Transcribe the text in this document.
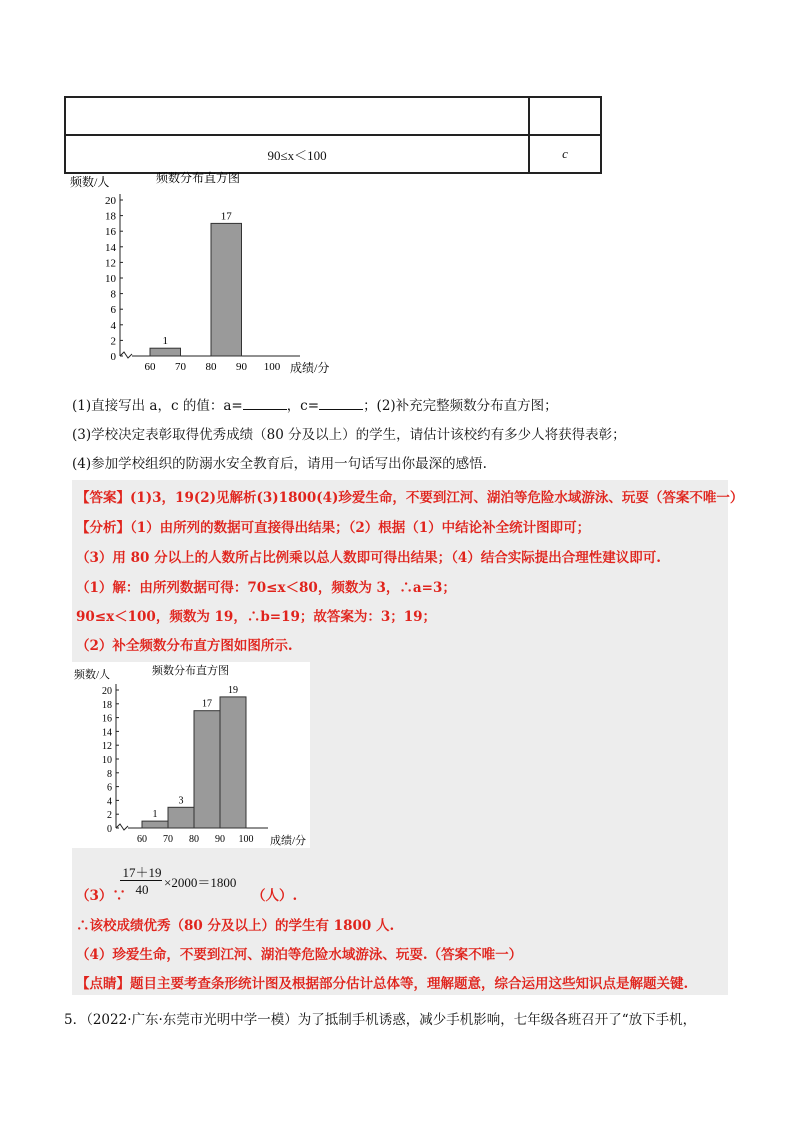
90≤x＜100	c
频数/人	频数分布直方图
成绩/分
0
2
4
6
8
10
12
14
16
18
20
60 70 80 90 100
1
17
(1)直接写出 a，c 的值：a=	，c=	；(2)补充完整频数分布直方图；
(3)学校决定表彰取得优秀成绩（80 分及以上）的学生，请估计该校约有多少人将获得表彰；
(4)参加学校组织的防溺水安全教育后，请用一句话写出你最深的感悟.
【答案】(1)3，19(2)见解析(3)1800(4)珍爱生命，不要到江河、湖泊等危险水域游泳、玩耍（答案不唯一）
【分析】（1）由所列的数据可直接得出结果；（2）根据（1）中结论补全统计图即可；
（3）用 80 分以上的人数所占比例乘以总人数即可得出结果；（4）结合实际提出合理性建议即可.
（1）解：由所列数据可得：70≤x＜80，频数为 3，∴a=3；
90≤x＜100，频数为 19，∴b=19；故答案为：3；19；
（2）补全频数分布直方图如图所示.
频数/人	频数分布直方图
成绩/分
0
2
4
6
8
10
12
14
16
18
20
60 70 80 90 100
1
3
17
19
（3）∵
17＋19
40	×2000＝1800
（人）.
∴该校成绩优秀（80 分及以上）的学生有 1800 人.
（4）珍爱生命，不要到江河、湖泊等危险水域游泳、玩耍.（答案不唯一）
【点睛】题目主要考查条形统计图及根据部分估计总体等，理解题意，综合运用这些知识点是解题关键.
5．（2022·广东·东莞市光明中学一模）为了抵制手机诱惑，减少手机影响，七年级各班召开了“放下手机，
